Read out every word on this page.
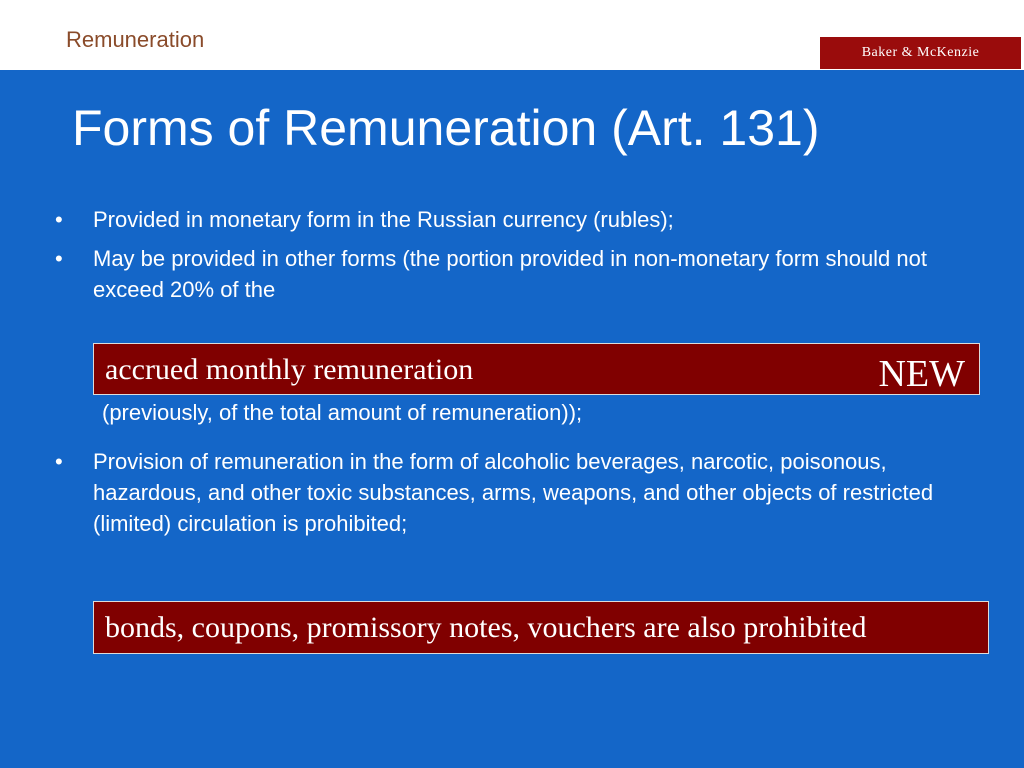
Remuneration
Baker & McKenzie
Forms of Remuneration (Art. 131)
• Provided in monetary form in the Russian currency (rubles);
• May be provided in other forms (the portion provided in non-monetary form should not exceed 20% of the
accrued monthly remuneration	NEW
(previously, of the total amount of remuneration));
• Provision of remuneration in the form of alcoholic beverages, narcotic, poisonous, hazardous, and other toxic substances, arms, weapons, and other objects of restricted (limited) circulation is prohibited;
bonds, coupons, promissory notes, vouchers are also prohibited
